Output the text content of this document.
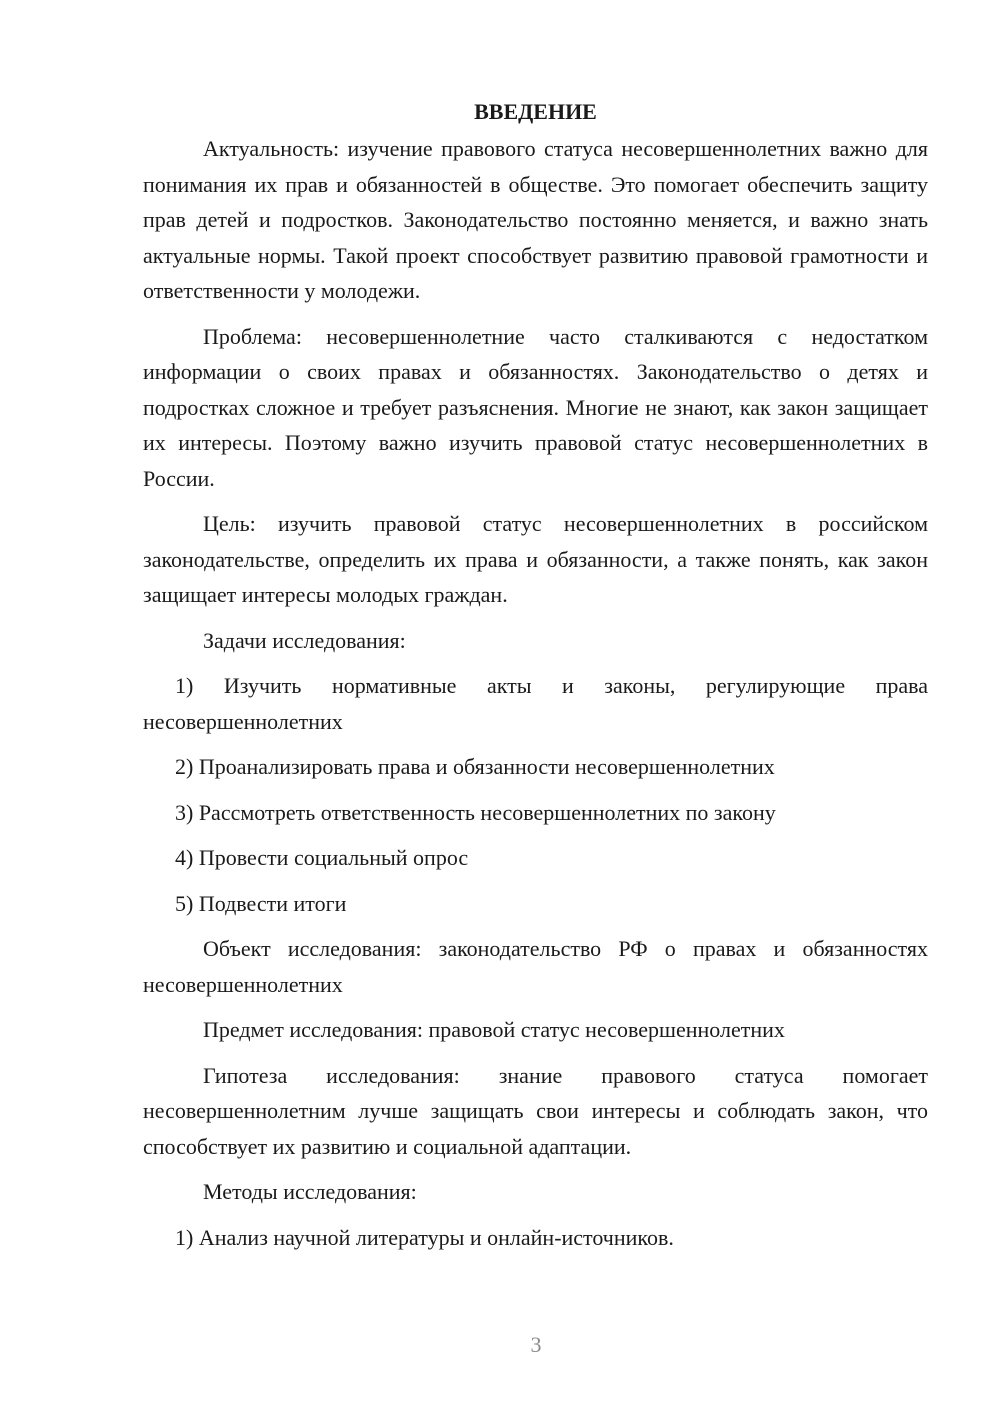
ВВЕДЕНИЕ

Актуальность: изучение правового статуса несовершеннолетних важно для понимания их прав и обязанностей в обществе. Это помогает обеспечить защиту прав детей и подростков. Законодательство постоянно меняется, и важно знать актуальные нормы. Такой проект способствует развитию правовой грамотности и ответственности у молодежи.

Проблема: несовершеннолетние часто сталкиваются с недостатком информации о своих правах и обязанностях. Законодательство о детях и подростках сложное и требует разъяснения. Многие не знают, как закон защищает их интересы. Поэтому важно изучить правовой статус несовершеннолетних в России.

Цель: изучить правовой статус несовершеннолетних в российском законодательстве, определить их права и обязанности, а также понять, как закон защищает интересы молодых граждан.

Задачи исследования:

1) Изучить нормативные акты и законы, регулирующие права несовершеннолетних

2) Проанализировать права и обязанности несовершеннолетних

3) Рассмотреть ответственность несовершеннолетних по закону

4) Провести социальный опрос

5) Подвести итоги

Объект исследования: законодательство РФ о правах и обязанностях несовершеннолетних

Предмет исследования: правовой статус несовершеннолетних

Гипотеза исследования: знание правового статуса помогает несовершеннолетним лучше защищать свои интересы и соблюдать закон, что способствует их развитию и социальной адаптации.

Методы исследования:

1) Анализ научной литературы и онлайн-источников.

3
